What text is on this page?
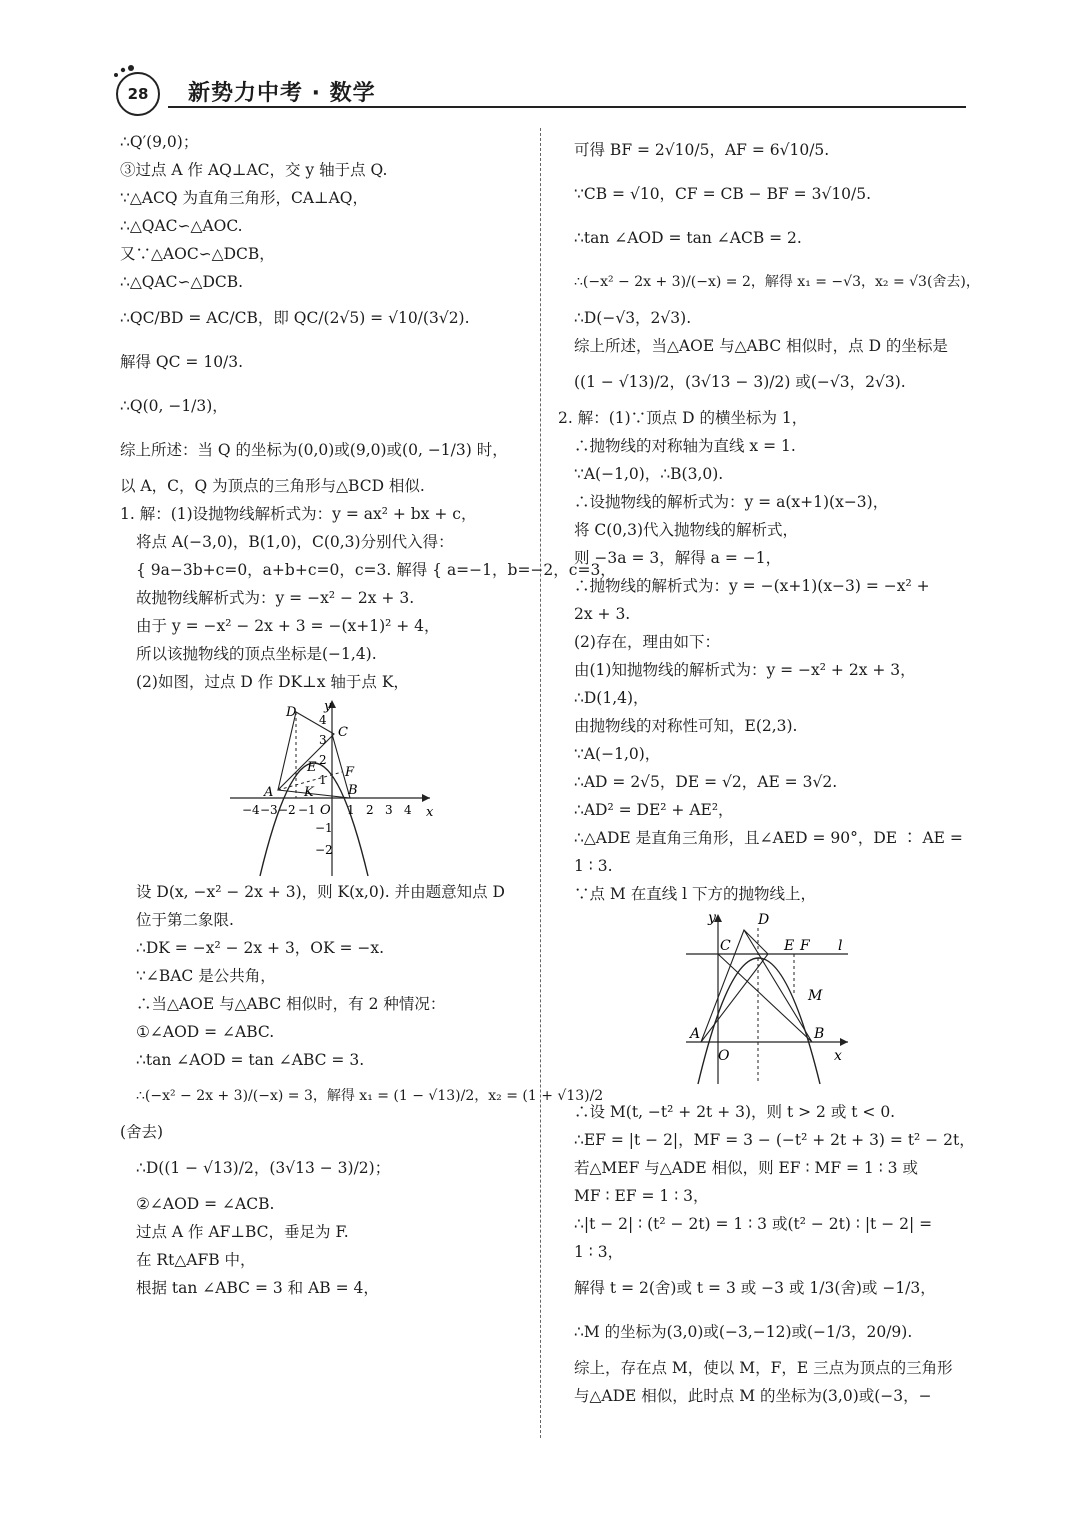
28	新势力中考 · 数学

∴Q′(9,0)；

③过点 A 作 AQ⊥AC，交 y 轴于点 Q.

∵△ACQ 为直角三角形，CA⊥AQ，

∴△QAC∽△AOC.

又∵△AOC∽△DCB，

∴△QAC∽△DCB.

∴QC/BD = AC/CB，即 QC/(2√5) = √10/(3√2).

解得 QC = 10/3.

∴Q(0, −1/3)，

综上所述：当 Q 的坐标为(0,0)或(9,0)或(0, −1/3) 时，

以 A，C，Q 为顶点的三角形与△BCD 相似.

1. 解：(1)设抛物线解析式为：y = ax² + bx + c，

将点 A(−3,0)，B(1,0)，C(0,3)分别代入得：

{ 9a−3b+c=0，a+b+c=0，c=3. 解得 { a=−1，b=−2，c=3，

故抛物线解析式为：y = −x² − 2x + 3.

由于 y = −x² − 2x + 3 = −(x+1)² + 4，

所以该抛物线的顶点坐标是(−1,4).

(2)如图，过点 D 作 DK⊥x 轴于点 K，

y
x
D
C
E F
A K
O
B
−4 −3 −2 −1	1 2 3 4
4
3
2
1
−1
−2

设 D(x, −x² − 2x + 3)，则 K(x,0). 并由题意知点 D

位于第二象限.

∴DK = −x² − 2x + 3，OK = −x.

∵∠BAC 是公共角，

∴当△AOE 与△ABC 相似时，有 2 种情况：

①∠AOD = ∠ABC.

∴tan ∠AOD = tan ∠ABC = 3.

∴(−x² − 2x + 3)/(−x) = 3，解得 x₁ = (1 − √13)/2，x₂ = (1 + √13)/2

(舍去)

∴D((1 − √13)/2，(3√13 − 3)/2)；

②∠AOD = ∠ACB.

过点 A 作 AF⊥BC，垂足为 F.

在 Rt△AFB 中，

根据 tan ∠ABC = 3 和 AB = 4，

可得 BF = 2√10/5，AF = 6√10/5.

∵CB = √10，CF = CB − BF = 3√10/5.

∴tan ∠AOD = tan ∠ACB = 2.

∴(−x² − 2x + 3)/(−x) = 2，解得 x₁ = −√3，x₂ = √3(舍去)，

∴D(−√3，2√3).

综上所述，当△AOE 与△ABC 相似时，点 D 的坐标是

((1 − √13)/2，(3√13 − 3)/2) 或(−√3，2√3).

2. 解：(1)∵顶点 D 的横坐标为 1，

∴抛物线的对称轴为直线 x = 1.

∵A(−1,0)，∴B(3,0).

∴设抛物线的解析式为：y = a(x+1)(x−3)，

将 C(0,3)代入抛物线的解析式，

则 −3a = 3，解得 a = −1，

∴抛物线的解析式为：y = −(x+1)(x−3) = −x² +

2x + 3.

(2)存在，理由如下：

由(1)知抛物线的解析式为：y = −x² + 2x + 3，

∴D(1,4)，

由抛物线的对称性可知，E(2,3).

∵A(−1,0)，

∴AD = 2√5，DE = √2，AE = 3√2.

∴AD² = DE² + AE²，

∴△ADE 是直角三角形，且∠AED = 90°，DE ∶ AE =

1 ∶ 3.

∵点 M 在直线 l 下方的抛物线上，

y	D
C	E F l
M
A
O
B
x

∴设 M(t, −t² + 2t + 3)，则 t > 2 或 t < 0.

∴EF = |t − 2|，MF = 3 − (−t² + 2t + 3) = t² − 2t，

若△MEF 与△ADE 相似，则 EF ∶ MF = 1 ∶ 3 或

MF ∶ EF = 1 ∶ 3，

∴|t − 2| ∶ (t² − 2t) = 1 ∶ 3 或(t² − 2t) ∶ |t − 2| =

1 ∶ 3，

解得 t = 2(舍)或 t = 3 或 −3 或 1/3(舍)或 −1/3，

∴M 的坐标为(3,0)或(−3,−12)或(−1/3，20/9).

综上，存在点 M，使以 M，F，E 三点为顶点的三角形与△ADE 相似，此时点 M 的坐标为(3,0)或(−3，−
